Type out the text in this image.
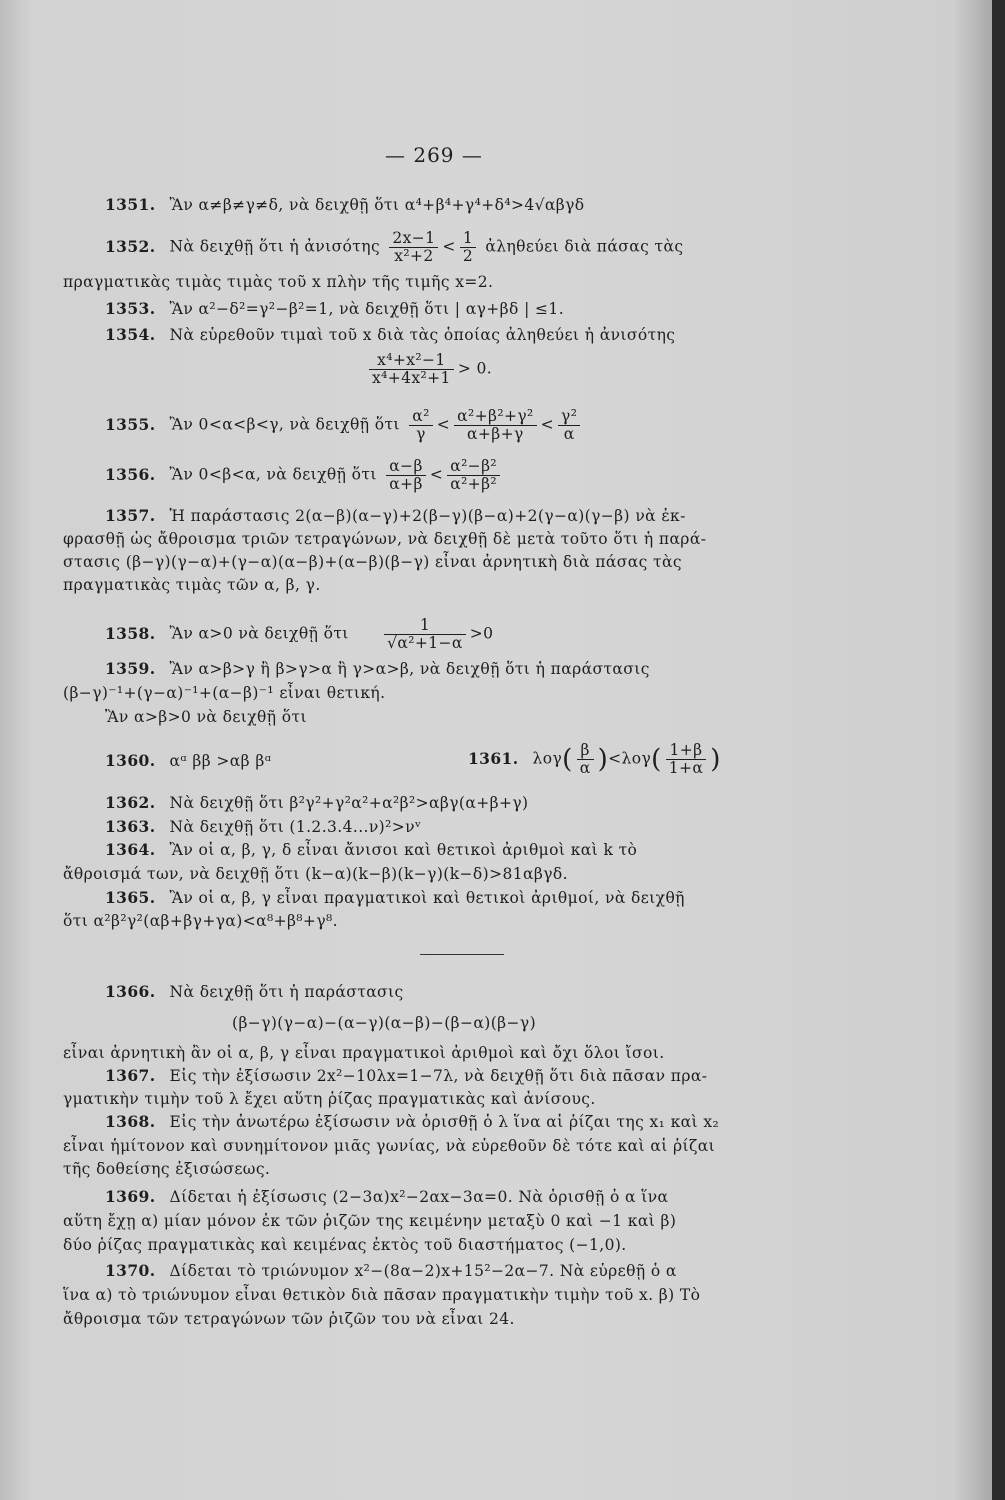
— 269 —
1351. Ἂν α≠β≠γ≠δ, νὰ δειχθῇ ὅτι α⁴+β⁴+γ⁴+δ⁴>4√αβγδ
1352. Νὰ δειχθῇ ὅτι ἡ ἀνισότης $\frac{2x-1}{\text{x²+2}} < \frac{1}{2}$ ἀληθεύει διὰ πάσας τὰς
πραγματικὰς τιμὰς τιμὰς τοῦ x πλὴν τῆς τιμῆς x=2.
1353. Ἂν α²−δ²=γ²−β²=1, νὰ δειχθῇ ὅτι | αγ+βδ | ≤1.
1354. Νὰ εὑρεθοῦν τιμαὶ τοῦ x διὰ τὰς ὁποίας ἀληθεύει ἡ ἀνισότης
$\frac{\text{x⁴+x²−1}}{\text{x⁴+4x²+1}} > 0$.
1355. Ἂν 0<α<β<γ, νὰ δειχθῇ ὅτι $\frac{\text{α²}}{\gamma} < \frac{\text{α²+β²+γ²}}{\alpha+\beta+\gamma} < \frac{\text{γ²}}{\alpha}$
1356. Ἂν 0<β<α, νὰ δειχθῇ ὅτι $\frac{\alpha-\beta}{\alpha+\beta} < \frac{\text{α²−β²}}{\text{α²+β²}}$
1357. Ἡ παράστασις 2(α−β)(α−γ)+2(β−γ)(β−α)+2(γ−α)(γ−β) νὰ ἐκ-
φρασθῇ ὡς ἄθροισμα τριῶν τετραγώνων, νὰ δειχθῇ δὲ μετὰ τοῦτο ὅτι ἡ παρά-
στασις (β−γ)(γ−α)+(γ−α)(α−β)+(α−β)(β−γ) εἶναι ἀρνητικὴ διὰ πάσας τὰς
πραγματικὰς τιμὰς τῶν α, β, γ.
1358. Ἂν α>0 νὰ δειχθῇ ὅτι $\frac{1}{\text{√α²+1−α}} >0$
1359. Ἂν α>β>γ ἢ β>γ>α ἢ γ>α>β, νὰ δειχθῇ ὅτι ἡ παράστασις
(β−γ)⁻¹+(γ−α)⁻¹+(α−β)⁻¹ εἶναι θετική.
Ἂν α>β>0 νὰ δειχθῇ ὅτι
1360. αᵅ ββ >αβ βᵅ	1361. $\lambda o\gamma( \frac{\beta}{\alpha} )<\lambda o\gamma( \frac{1+\beta}{1+\alpha}$ )
1362. Νὰ δειχθῇ ὅτι β²γ²+γ²α²+α²β²>αβγ(α+β+γ)
1363. Νὰ δειχθῇ ὅτι (1.2.3.4...ν)²>νᵛ
1364. Ἂν οἱ α, β, γ, δ εἶναι ἄνισοι καὶ θετικοὶ ἀριθμοὶ καὶ k τὸ
ἄθροισμά των, νὰ δειχθῇ ὅτι (k−α)(k−β)(k−γ)(k−δ)>81αβγδ.
1365. Ἂν οἱ α, β, γ εἶναι πραγματικοὶ καὶ θετικοὶ ἀριθμοί, νὰ δειχθῇ
ὅτι α²β²γ²(αβ+βγ+γα)<α⁸+β⁸+γ⁸.
1366. Νὰ δειχθῇ ὅτι ἡ παράστασις
(β−γ)(γ−α)−(α−γ)(α−β)−(β−α)(β−γ)
εἶναι ἀρνητικὴ ἂν οἱ α, β, γ εἶναι πραγματικοὶ ἀριθμοὶ καὶ ὄχι ὅλοι ἴσοι.
1367. Εἰς τὴν ἐξίσωσιν 2x²−10λx=1−7λ, νὰ δειχθῇ ὅτι διὰ πᾶσαν πρα-
γματικὴν τιμὴν τοῦ λ ἔχει αὕτη ῥίζας πραγματικὰς καὶ ἀνίσους.
1368. Εἰς τὴν ἀνωτέρω ἐξίσωσιν νὰ ὁρισθῇ ὁ λ ἵνα αἱ ῥίζαι της x₁ καὶ x₂
εἶναι ἡμίτονον καὶ συνημίτονον μιᾶς γωνίας, νὰ εὑρεθοῦν δὲ τότε καὶ αἱ ῥίζαι
τῆς δοθείσης ἐξισώσεως.
1369. Δίδεται ἡ ἐξίσωσις (2−3α)x²−2αx−3α=0. Νὰ ὁρισθῇ ὁ α ἵνα
αὕτη ἔχῃ α) μίαν μόνον ἐκ τῶν ῥιζῶν της κειμένην μεταξὺ 0 καὶ −1 καὶ β)
δύο ῥίζας πραγματικὰς καὶ κειμένας ἐκτὸς τοῦ διαστήματος (−1,0).
1370. Δίδεται τὸ τριώνυμον x²−(8α−2)x+15²−2α−7. Νὰ εὑρεθῇ ὁ α
ἵνα α) τὸ τριώνυμον εἶναι θετικὸν διὰ πᾶσαν πραγματικὴν τιμὴν τοῦ x. β) Τὸ
ἄθροισμα τῶν τετραγώνων τῶν ῥιζῶν του νὰ εἶναι 24.
